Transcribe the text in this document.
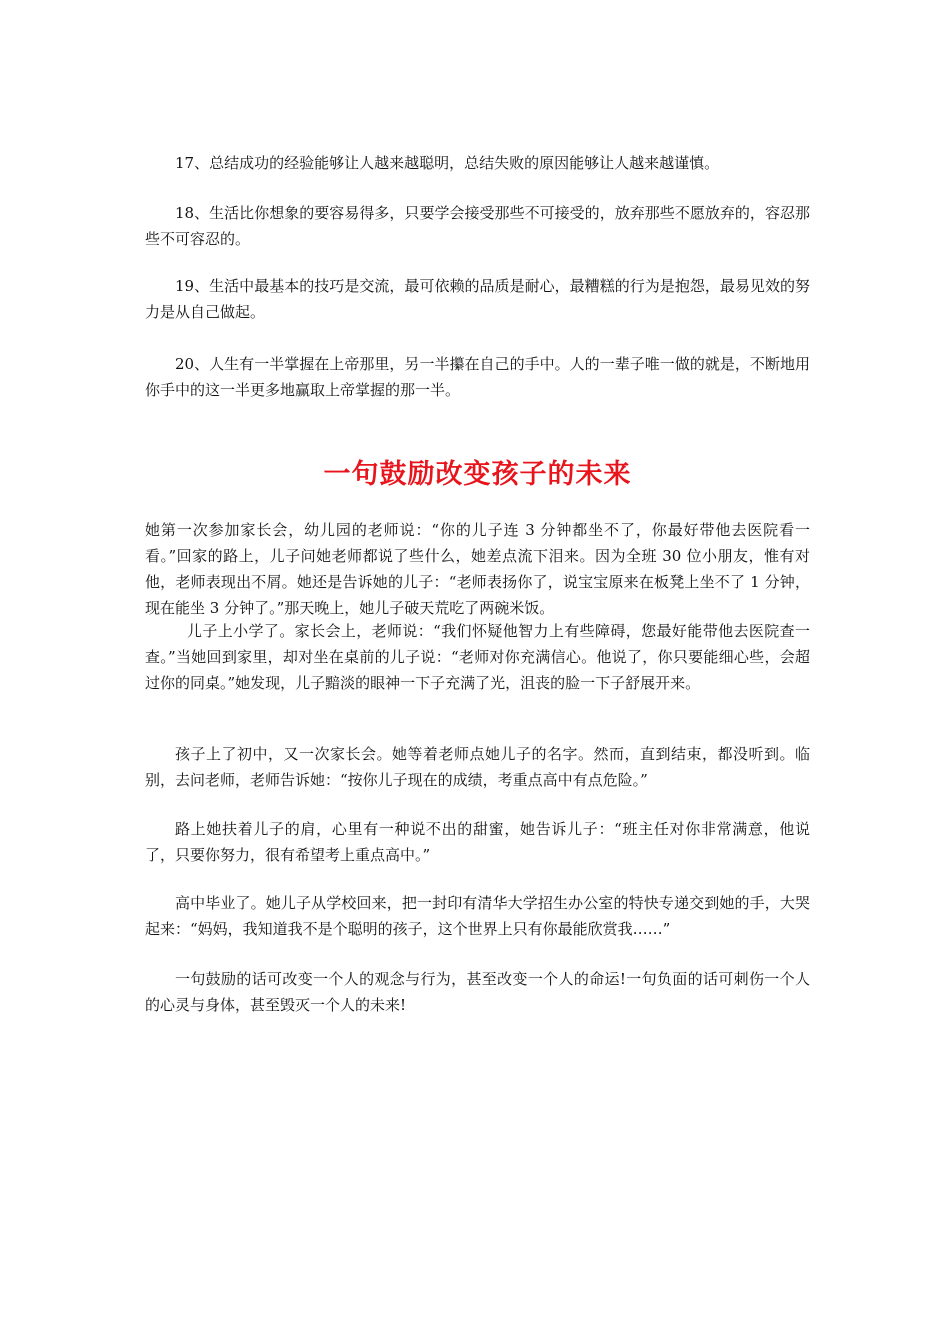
17、总结成功的经验能够让人越来越聪明，总结失败的原因能够让人越来越谨慎。

18、生活比你想象的要容易得多，只要学会接受那些不可接受的，放弃那些不愿放弃的，容忍那些不可容忍的。

19、生活中最基本的技巧是交流，最可依赖的品质是耐心，最糟糕的行为是抱怨，最易见效的努力是从自己做起。

20、人生有一半掌握在上帝那里，另一半攥在自己的手中。人的一辈子唯一做的就是，不断地用你手中的这一半更多地赢取上帝掌握的那一半。

一句鼓励改变孩子的未来

她第一次参加家长会，幼儿园的老师说：“你的儿子连 3 分钟都坐不了，你最好带他去医院看一看。”回家的路上，儿子问她老师都说了些什么，她差点流下泪来。因为全班 30 位小朋友，惟有对他，老师表现出不屑。她还是告诉她的儿子：“老师表扬你了，说宝宝原来在板凳上坐不了 1 分钟，现在能坐 3 分钟了。”那天晚上，她儿子破天荒吃了两碗米饭。

儿子上小学了。家长会上，老师说：“我们怀疑他智力上有些障碍，您最好能带他去医院查一查。”当她回到家里，却对坐在桌前的儿子说：“老师对你充满信心。他说了，你只要能细心些，会超过你的同桌。”她发现，儿子黯淡的眼神一下子充满了光，沮丧的脸一下子舒展开来。

孩子上了初中，又一次家长会。她等着老师点她儿子的名字。然而，直到结束，都没听到。临别，去问老师，老师告诉她：“按你儿子现在的成绩，考重点高中有点危险。”

路上她扶着儿子的肩，心里有一种说不出的甜蜜，她告诉儿子：“班主任对你非常满意，他说了，只要你努力，很有希望考上重点高中。”

高中毕业了。她儿子从学校回来，把一封印有清华大学招生办公室的特快专递交到她的手，大哭起来：“妈妈，我知道我不是个聪明的孩子，这个世界上只有你最能欣赏我……”

一句鼓励的话可改变一个人的观念与行为，甚至改变一个人的命运!一句负面的话可刺伤一个人的心灵与身体，甚至毁灭一个人的未来!
